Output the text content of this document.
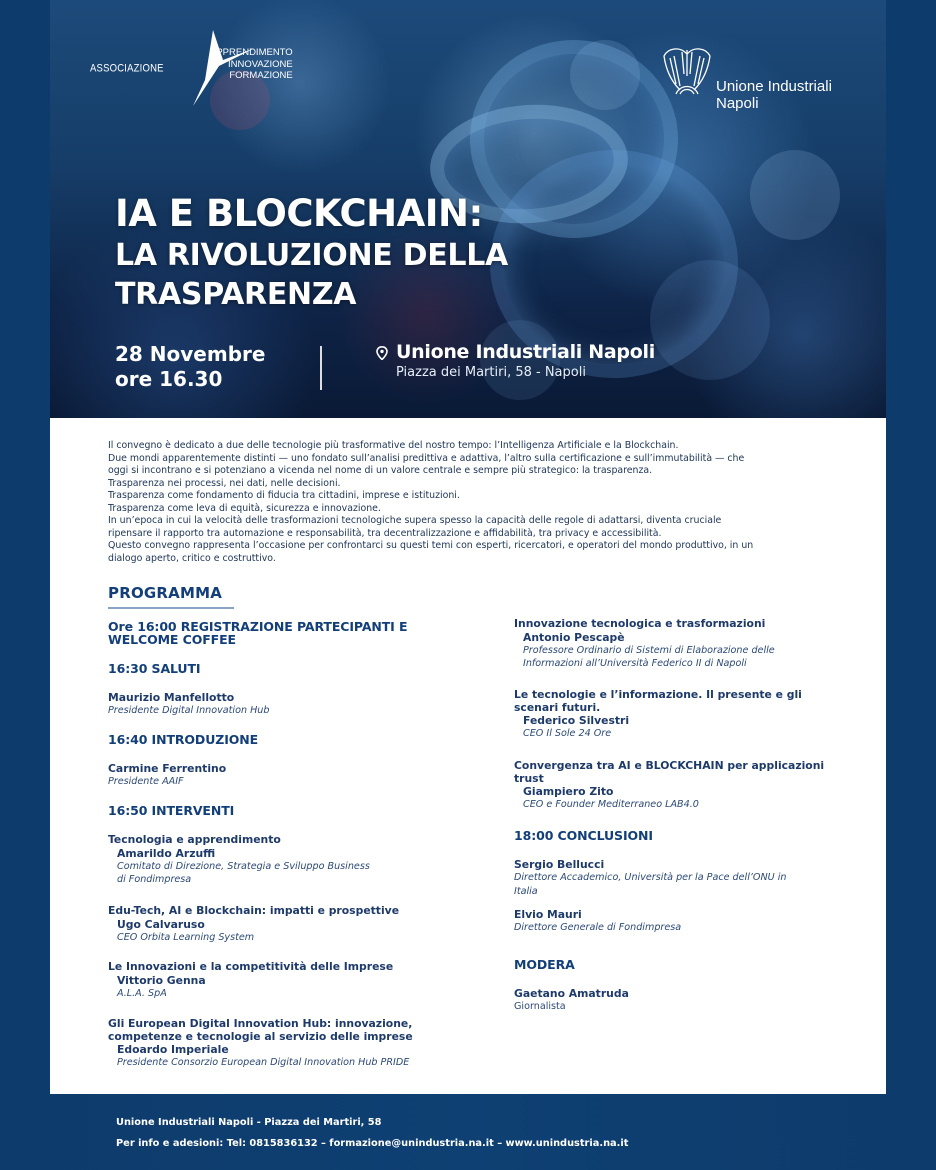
ASSOCIAZIONE
APPRENDIMENTO
INNOVAZIONE
FORMAZIONE
Unione Industriali
Napoli
IA E BLOCKCHAIN:
LA RIVOLUZIONE DELLA
TRASPARENZA
28 Novembre
ore 16.30
Unione Industriali Napoli
Piazza dei Martiri, 58 - Napoli

Il convegno è dedicato a due delle tecnologie più trasformative del nostro tempo: l’Intelligenza Artificiale e la Blockchain.

Due mondi apparentemente distinti — uno fondato sull’analisi predittiva e adattiva, l’altro sulla certificazione e sull’immutabilità — che

oggi si incontrano e si potenziano a vicenda nel nome di un valore centrale e sempre più strategico: la trasparenza.

Trasparenza nei processi, nei dati, nelle decisioni.

Trasparenza come fondamento di fiducia tra cittadini, imprese e istituzioni.

Trasparenza come leva di equità, sicurezza e innovazione.

In un’epoca in cui la velocità delle trasformazioni tecnologiche supera spesso la capacità delle regole di adattarsi, diventa cruciale

ripensare il rapporto tra automazione e responsabilità, tra decentralizzazione e affidabilità, tra privacy e accessibilità.

Questo convegno rappresenta l’occasione per confrontarci su questi temi con esperti, ricercatori, e operatori del mondo produttivo, in un

dialogo aperto, critico e costruttivo.

PROGRAMMA

Ore 16:00 REGISTRAZIONE PARTECIPANTI E

WELCOME COFFEE

16:30 SALUTI

Maurizio Manfellotto

Presidente Digital Innovation Hub

16:40 INTRODUZIONE

Carmine Ferrentino

Presidente AAIF

16:50 INTERVENTI

Tecnologia e apprendimento

Amarildo Arzuffi

Comitato di Direzione, Strategia e Sviluppo Business

di Fondimpresa

Edu-Tech, AI e Blockchain: impatti e prospettive

Ugo Calvaruso

CEO Orbita Learning System

Le Innovazioni e la competitività delle Imprese

Vittorio Genna

A.L.A. SpA

Gli European Digital Innovation Hub: innovazione,

competenze e tecnologie al servizio delle imprese

Edoardo Imperiale

Presidente Consorzio European Digital Innovation Hub PRIDE

Innovazione tecnologica e trasformazioni

Antonio Pescapè

Professore Ordinario di Sistemi di Elaborazione delle

Informazioni all’Università Federico II di Napoli

Le tecnologie e l’informazione. Il presente e gli

scenari futuri.

Federico Silvestri

CEO Il Sole 24 Ore

Convergenza tra AI e BLOCKCHAIN per applicazioni

trust

Giampiero Zito

CEO e Founder Mediterraneo LAB4.0

18:00 CONCLUSIONI

Sergio Bellucci

Direttore Accademico, Università per la Pace dell’ONU in

Italia

Elvio Mauri

Direttore Generale di Fondimpresa

MODERA

Gaetano Amatruda

Giornalista

Unione Industriali Napoli - Piazza dei Martiri, 58
Per info e adesioni: Tel: 0815836132 – formazione@unindustria.na.it – www.unindustria.na.it
